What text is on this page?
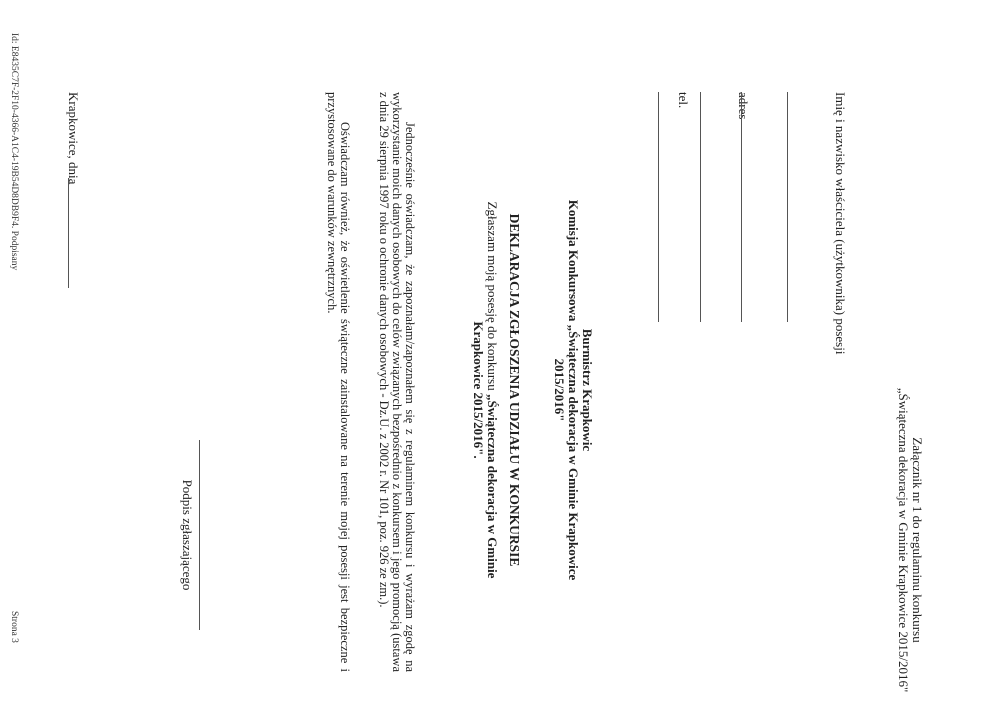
Załącznik nr 1 do regulaminu konkursu
„Świąteczna dekoracja w Gminie Krapkowice 2015/2016"
Imię i nazwisko właściciela (użytkownika) posesji
adres
tel.
Burmistrz Krapkowic
Komisja Konkursowa „Świąteczna dekoracja w Gminie Krapkowice
2015/2016"
DEKLARACJA ZGŁOSZENIA UDZIAŁU W KONKURSIE
Zgłaszam moją posesję do konkursu „Świąteczna dekoracja w Gminie
Krapkowice 2015/2016".
Jednocześnie oświadczam, że zapoznałam/zapoznałem się z regulaminem konkursu i wyrażam zgodę na wykorzystanie moich danych osobowych do celów związanych bezpośrednio z konkursem i jego promocją (ustawa z dnia 29 sierpnia 1997 roku o ochronie danych osobowych - Dz.U. z 2002 r. Nr 101, poz. 926 ze zm.).
Oświadczam również, że oświetlenie świąteczne zainstalowane na terenie mojej posesji jest bezpieczne i przystosowane do warunków zewnętrznych.
Podpis zgłaszającego
Krapkowice, dnia
Id: E8435C7F-2F10-4366-A1C4-19B54D8DB9F4. Podpisany
Strona 3
